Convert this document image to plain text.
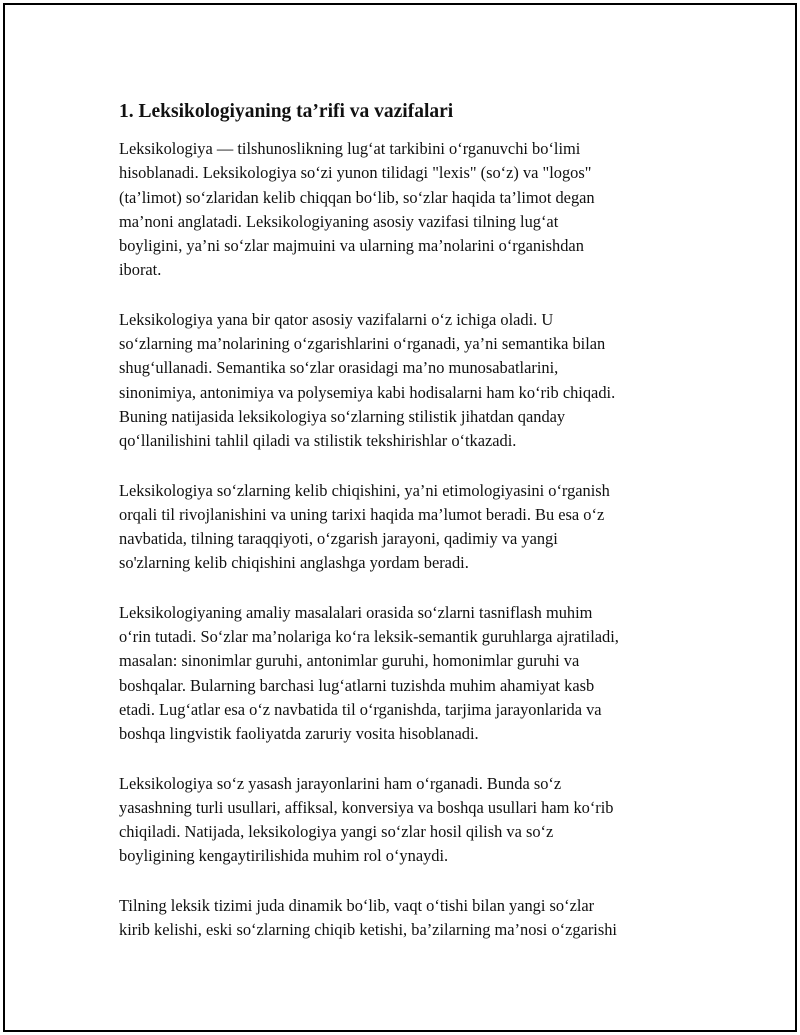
1. Leksikologiyaning ta’rifi va vazifalari

Leksikologiya — tilshunoslikning lug‘at tarkibini o‘rganuvchi bo‘limi
hisoblanadi. Leksikologiya so‘zi yunon tilidagi "lexis" (so‘z) va "logos"
(ta’limot) so‘zlaridan kelib chiqqan bo‘lib, so‘zlar haqida ta’limot degan
ma’noni anglatadi. Leksikologiyaning asosiy vazifasi tilning lug‘at
boyligini, ya’ni so‘zlar majmuini va ularning ma’nolarini o‘rganishdan
iborat.

Leksikologiya yana bir qator asosiy vazifalarni o‘z ichiga oladi. U
so‘zlarning ma’nolarining o‘zgarishlarini o‘rganadi, ya’ni semantika bilan
shug‘ullanadi. Semantika so‘zlar orasidagi ma’no munosabatlarini,
sinonimiya, antonimiya va polysemiya kabi hodisalarni ham ko‘rib chiqadi.
Buning natijasida leksikologiya so‘zlarning stilistik jihatdan qanday
qo‘llanilishini tahlil qiladi va stilistik tekshirishlar o‘tkazadi.

Leksikologiya so‘zlarning kelib chiqishini, ya’ni etimologiyasini o‘rganish
orqali til rivojlanishini va uning tarixi haqida ma’lumot beradi. Bu esa o‘z
navbatida, tilning taraqqiyoti, o‘zgarish jarayoni, qadimiy va yangi
so'zlarning kelib chiqishini anglashga yordam beradi.

Leksikologiyaning amaliy masalalari orasida so‘zlarni tasniflash muhim
o‘rin tutadi. So‘zlar ma’nolariga ko‘ra leksik-semantik guruhlarga ajratiladi,
masalan: sinonimlar guruhi, antonimlar guruhi, homonimlar guruhi va
boshqalar. Bularning barchasi lug‘atlarni tuzishda muhim ahamiyat kasb
etadi. Lug‘atlar esa o‘z navbatida til o‘rganishda, tarjima jarayonlarida va
boshqa lingvistik faoliyatda zaruriy vosita hisoblanadi.

Leksikologiya so‘z yasash jarayonlarini ham o‘rganadi. Bunda so‘z
yasashning turli usullari, affiksal, konversiya va boshqa usullari ham ko‘rib
chiqiladi. Natijada, leksikologiya yangi so‘zlar hosil qilish va so‘z
boyligining kengaytirilishida muhim rol o‘ynaydi.

Tilning leksik tizimi juda dinamik bo‘lib, vaqt o‘tishi bilan yangi so‘zlar
kirib kelishi, eski so‘zlarning chiqib ketishi, ba’zilarning ma’nosi o‘zgarishi
